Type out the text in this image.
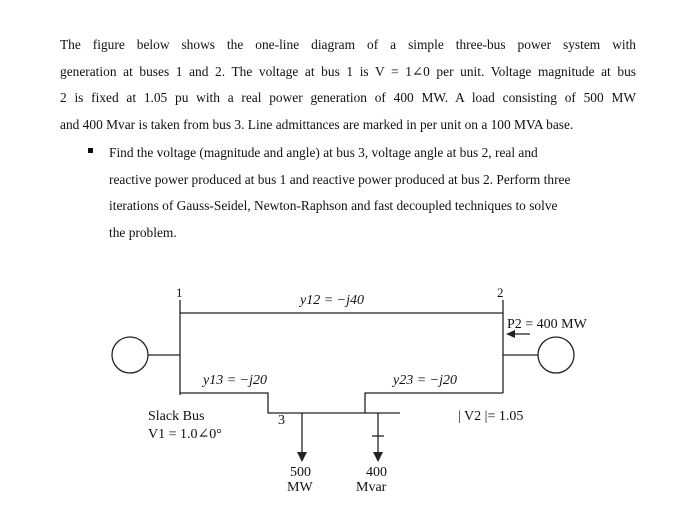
The figure below shows the one-line diagram of a simple three-bus power system with
generation at buses 1 and 2. The voltage at bus 1 is V = 1∠0 per unit. Voltage magnitude at bus
2 is fixed at 1.05 pu with a real power generation of 400 MW. A load consisting of 500 MW
and 400 Mvar is taken from bus 3. Line admittances are marked in per unit on a 100 MVA base.
Find the voltage (magnitude and angle) at bus 3, voltage angle at bus 2, real and
reactive power produced at bus 1 and reactive power produced at bus 2. Perform three
iterations of Gauss-Seidel, Newton-Raphson and fast decoupled techniques to solve
the problem.
1	2
3
y12 = −j40
y13 = −j20	y23 = −j20
P2 = 400 MW
| V2 |= 1.05
Slack Bus
V1 = 1.0∠0°
500
MW
400
Mvar
